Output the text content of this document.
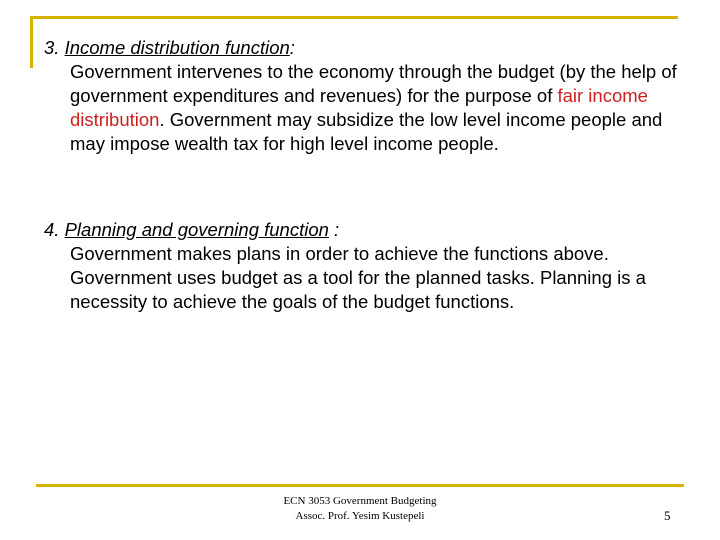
3. Income distribution function:
Government intervenes to the economy through the budget (by the help of government expenditures and revenues) for the purpose of fair income distribution. Government may subsidize the low level income people and may impose wealth tax for high level income people.
4. Planning and governing function :
Government makes plans in order to achieve the functions above. Government uses budget as a tool for the planned tasks. Planning is a necessity to achieve the goals of the budget functions.
ECN 3053 Government Budgeting
Assoc. Prof. Yesim Kustepeli	5
